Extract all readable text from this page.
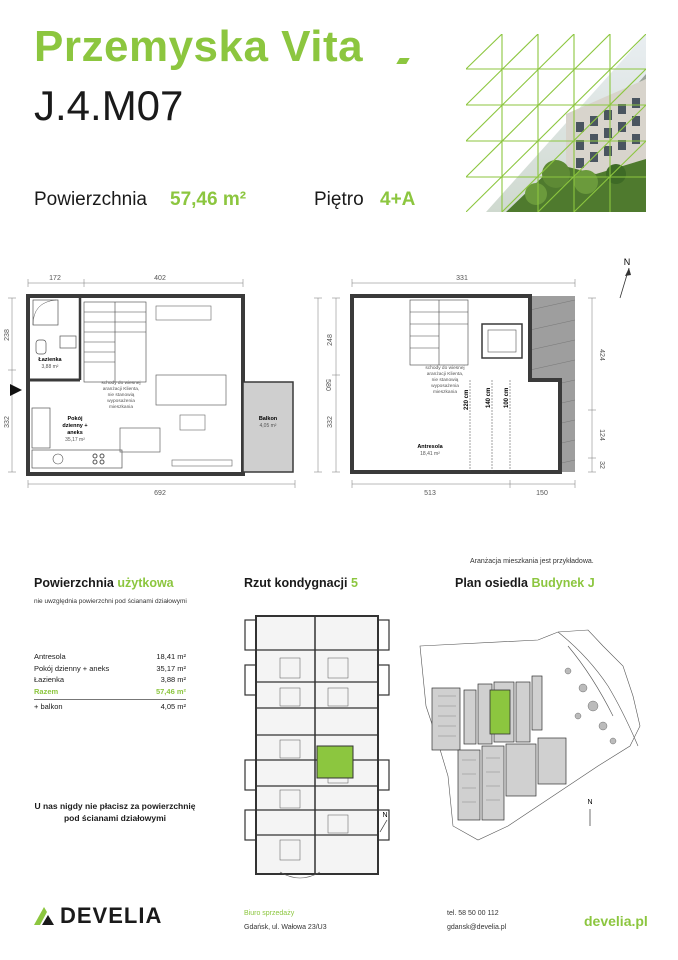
Przemyska Vita
J.4.M07
Powierzchnia 57,46 m²	Piętro 4+A
172	402
238
332
580
692
Łazienka
3,88 m²
schody do wiesnej
aranżacji Klienta,
nie stanowią
wyposażenia
mieszkania
Pokój
dzienny +
aneks
35,17 m²
Balkon
4,05 m²
331
248
332
424
124
32
513	150
220 cm	140 cm 100 cm
schody do wiesnej
aranżacji Klienta,
nie stanowią
wyposażenia
mieszkania
Antresola
18,41 m²
N
Aranżacja mieszkania jest przykładowa.
Powierzchnia użytkowa
nie uwzględnia powierzchni pod ścianami działowymi
Antresola	18,41 m²
Pokój dzienny + aneks	35,17 m²
Łazienka	3,88 m²
Razem	57,46 m²
+ balkon	4,05 m²
U nas nigdy nie płacisz za powierzchnię pod ścianami działowymi
Rzut kondygnacji 5
N
Plan osiedla Budynek J
N
DEVELIA	Biuro sprzedaży
Gdańsk, ul. Wałowa 23/U3
tel. 58 50 00 112
gdansk@develia.pl	develia.pl
